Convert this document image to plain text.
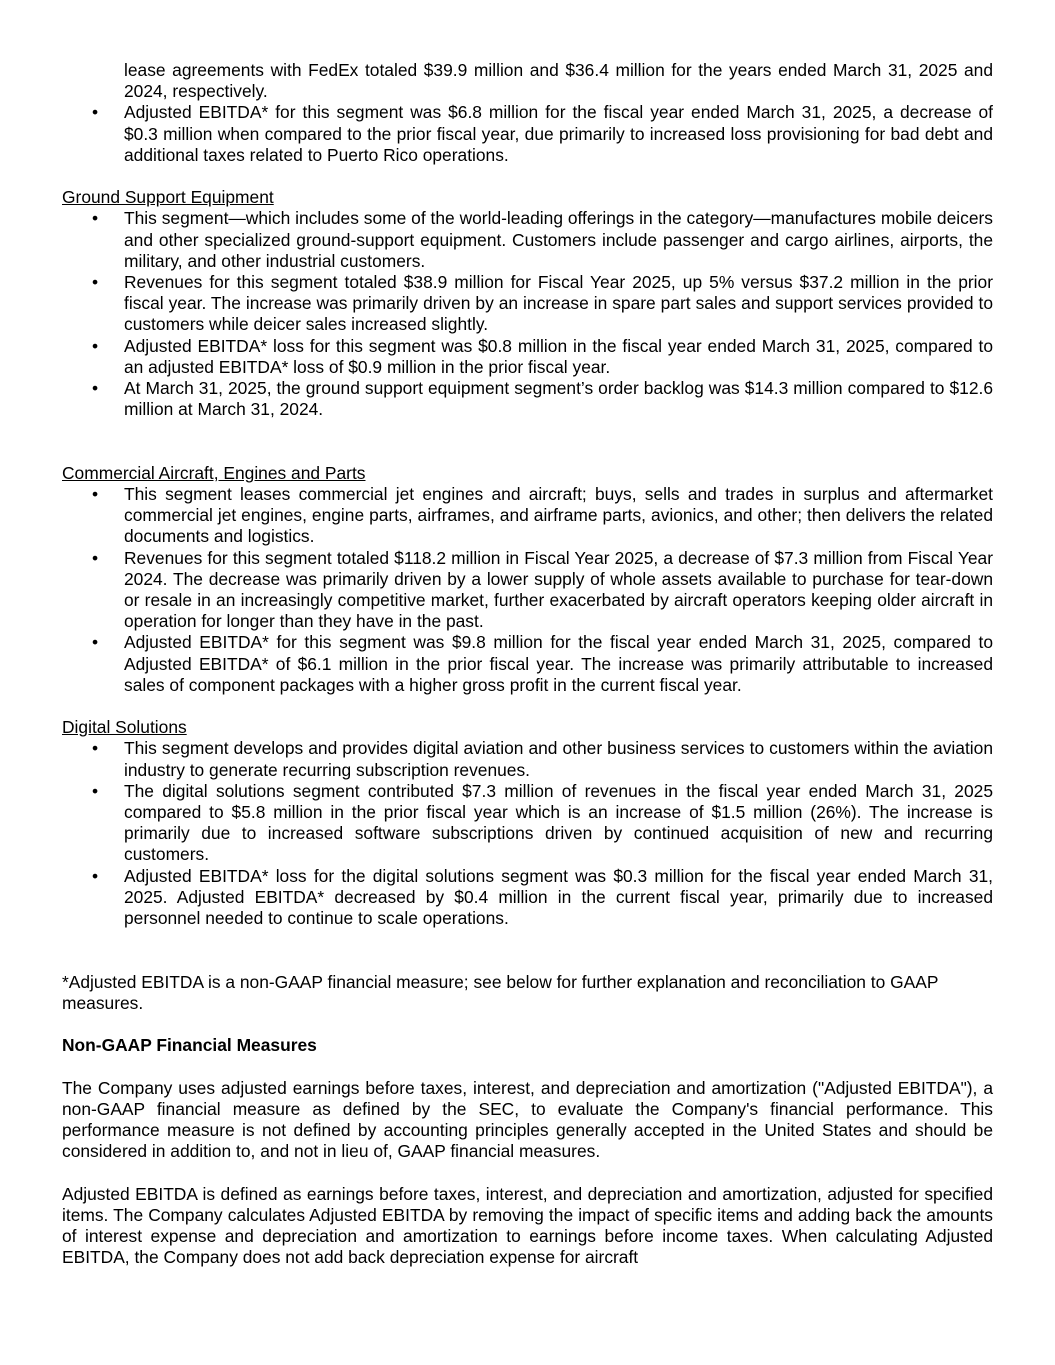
lease agreements with FedEx totaled $39.9 million and $36.4 million for the years ended March 31, 2025 and 2024, respectively.
• Adjusted EBITDA* for this segment was $6.8 million for the fiscal year ended March 31, 2025, a decrease of $0.3 million when compared to the prior fiscal year, due primarily to increased loss provisioning for bad debt and additional taxes related to Puerto Rico operations.

Ground Support Equipment

• This segment—which includes some of the world-leading offerings in the category—manufactures mobile deicers and other specialized ground-support equipment. Customers include passenger and cargo airlines, airports, the military, and other industrial customers.
• Revenues for this segment totaled $38.9 million for Fiscal Year 2025, up 5% versus $37.2 million in the prior fiscal year. The increase was primarily driven by an increase in spare part sales and support services provided to customers while deicer sales increased slightly.
• Adjusted EBITDA* loss for this segment was $0.8 million in the fiscal year ended March 31, 2025, compared to an adjusted EBITDA* loss of $0.9 million in the prior fiscal year.
• At March 31, 2025, the ground support equipment segment’s order backlog was $14.3 million compared to $12.6 million at March 31, 2024.

Commercial Aircraft, Engines and Parts

• This segment leases commercial jet engines and aircraft; buys, sells and trades in surplus and aftermarket commercial jet engines, engine parts, airframes, and airframe parts, avionics, and other; then delivers the related documents and logistics.
• Revenues for this segment totaled $118.2 million in Fiscal Year 2025, a decrease of $7.3 million from Fiscal Year 2024. The decrease was primarily driven by a lower supply of whole assets available to purchase for tear-down or resale in an increasingly competitive market, further exacerbated by aircraft operators keeping older aircraft in operation for longer than they have in the past.
• Adjusted EBITDA* for this segment was $9.8 million for the fiscal year ended March 31, 2025, compared to Adjusted EBITDA* of $6.1 million in the prior fiscal year. The increase was primarily attributable to increased sales of component packages with a higher gross profit in the current fiscal year.

Digital Solutions

• This segment develops and provides digital aviation and other business services to customers within the aviation industry to generate recurring subscription revenues.
• The digital solutions segment contributed $7.3 million of revenues in the fiscal year ended March 31, 2025 compared to $5.8 million in the prior fiscal year which is an increase of $1.5 million (26%). The increase is primarily due to increased software subscriptions driven by continued acquisition of new and recurring customers.
• Adjusted EBITDA* loss for the digital solutions segment was $0.3 million for the fiscal year ended March 31, 2025. Adjusted EBITDA* decreased by $0.4 million in the current fiscal year, primarily due to increased personnel needed to continue to scale operations.

*Adjusted EBITDA is a non-GAAP financial measure; see below for further explanation and reconciliation to GAAP measures.

Non-GAAP Financial Measures

The Company uses adjusted earnings before taxes, interest, and depreciation and amortization ("Adjusted EBITDA"), a non-GAAP financial measure as defined by the SEC, to evaluate the Company's financial performance. This performance measure is not defined by accounting principles generally accepted in the United States and should be considered in addition to, and not in lieu of, GAAP financial measures.

Adjusted EBITDA is defined as earnings before taxes, interest, and depreciation and amortization, adjusted for specified items. The Company calculates Adjusted EBITDA by removing the impact of specific items and adding back the amounts of interest expense and depreciation and amortization to earnings before income taxes. When calculating Adjusted EBITDA, the Company does not add back depreciation expense for aircraft
